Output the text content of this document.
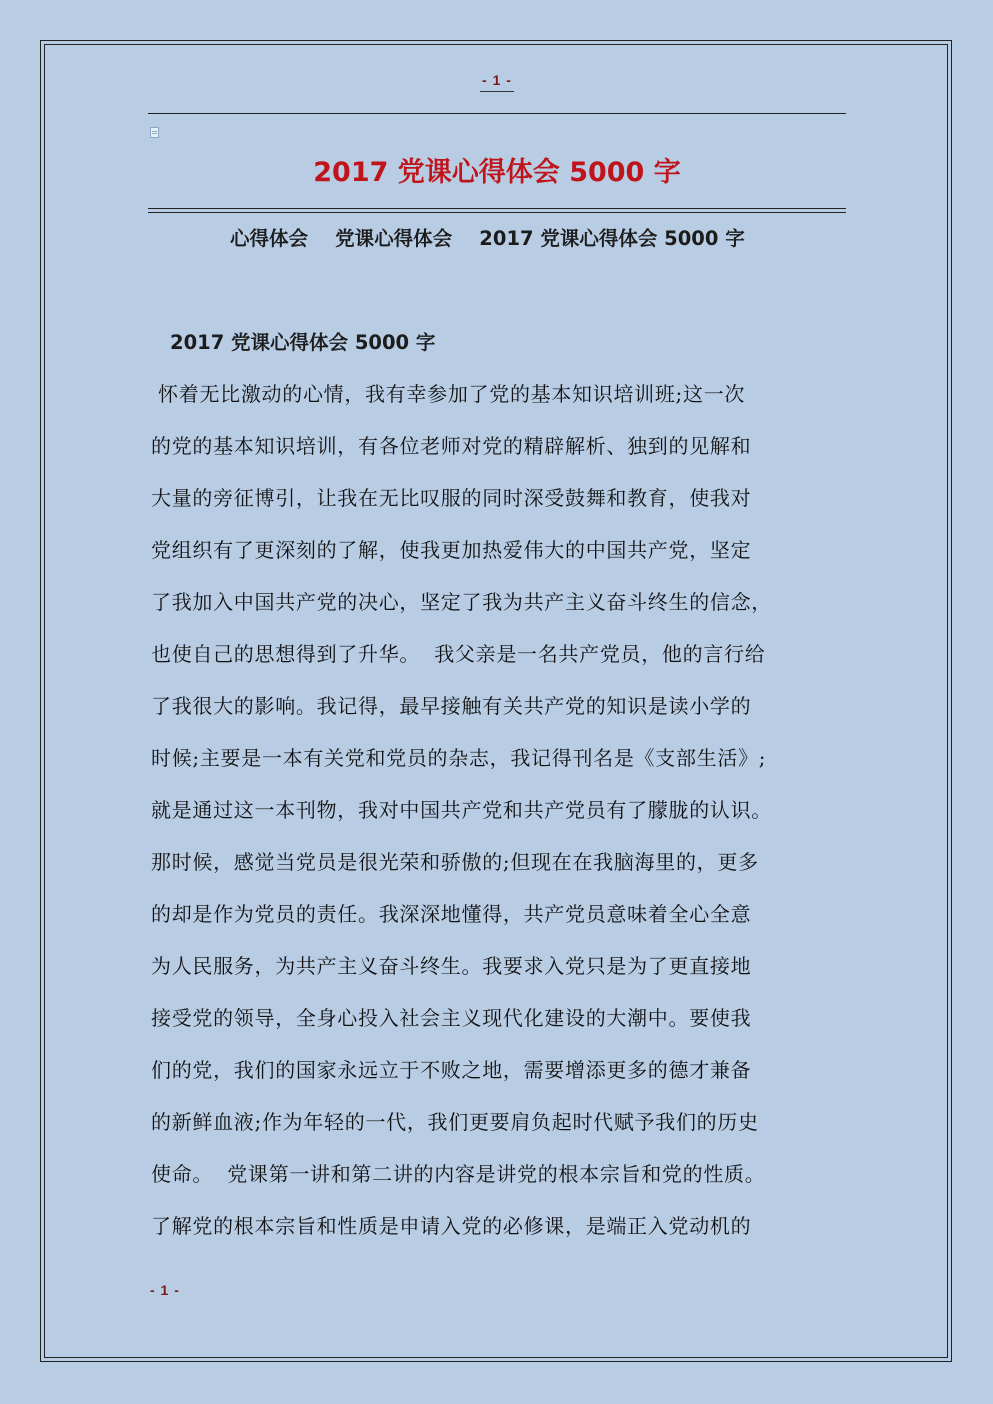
- 1 -
2017 党课心得体会 5000 字
心得体会    党课心得体会    2017 党课心得体会 5000 字
2017 党课心得体会 5000 字
怀着无比激动的心情，我有幸参加了党的基本知识培训班;这一次
的党的基本知识培训，有各位老师对党的精辟解析、独到的见解和
大量的旁征博引，让我在无比叹服的同时深受鼓舞和教育，使我对
党组织有了更深刻的了解，使我更加热爱伟大的中国共产党，坚定
了我加入中国共产党的决心，坚定了我为共产主义奋斗终生的信念，
也使自己的思想得到了升华。  我父亲是一名共产党员，他的言行给
了我很大的影响。我记得，最早接触有关共产党的知识是读小学的
时候;主要是一本有关党和党员的杂志，我记得刊名是《支部生活》;
就是通过这一本刊物，我对中国共产党和共产党员有了朦胧的认识。
那时候，感觉当党员是很光荣和骄傲的;但现在在我脑海里的，更多
的却是作为党员的责任。我深深地懂得，共产党员意味着全心全意
为人民服务，为共产主义奋斗终生。我要求入党只是为了更直接地
接受党的领导，全身心投入社会主义现代化建设的大潮中。要使我
们的党，我们的国家永远立于不败之地，需要增添更多的德才兼备
的新鲜血液;作为年轻的一代，我们更要肩负起时代赋予我们的历史
使命。  党课第一讲和第二讲的内容是讲党的根本宗旨和党的性质。
了解党的根本宗旨和性质是申请入党的必修课，是端正入党动机的
- 1 -
